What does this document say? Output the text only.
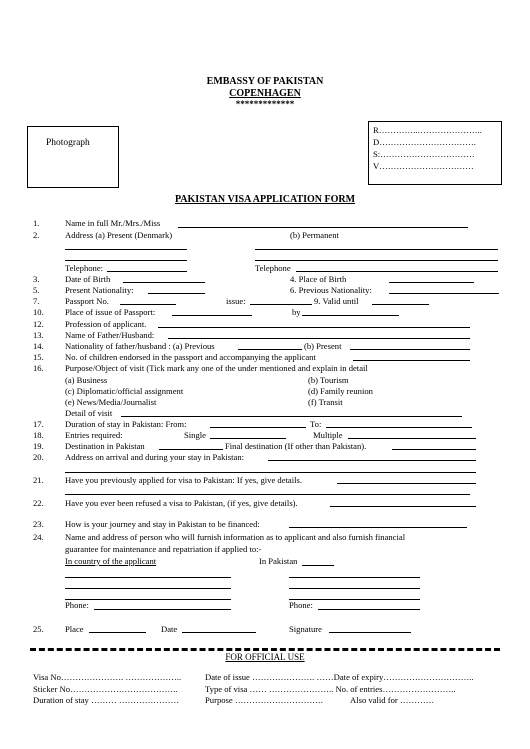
EMBASSY OF PAKISTAN
COPENHAGEN
*************
Photograph
R…………..…………………..
D…………………………….
S:……………………………
V……………………………
PAKISTAN VISA APPLICATION FORM
1.	Name in full Mr./Mrs./Miss
2.	Address (a) Present (Denmark)	(b) Permanent
Telephone:	Telephone
3.	Date of Birth	4. Place of Birth
5.	Present Nationality:	6. Previous Nationality:
7.	Passport No.	issue:	9. Valid until
10. Place of issue of Passport:	by
12. Profession of applicant.
13. Name of Father/Husband:
14. Nationality of father/husband : (a) Previous	(b) Present
15. No. of children endorsed in the passport and accompanying the applicant
16. Purpose/Object of visit (Tick mark any one of the under mentioned and explain in detail
(a) Business	(b) Tourism
(c) Diplomatic/official assignment	(d) Family reunion
(e) News/Media/Journalist	(f) Transit
Detail of visit
17. Duration of stay in Pakistan: From:	To:
18. Entries required:	Single	Multiple
19. Destination in Pakistan	Final destination (If other than Pakistan).
20. Address on arrival and during your stay in Pakistan:
21. Have you previously applied for visa to Pakistan: If yes, give details.
22. Have you ever been refused a visa to Pakistan, (if yes, give details).
23. How is your journey and stay in Pakistan to be financed:
24. Name and address of person who will furnish information as to applicant and also furnish financial
guarantee for maintenance and repatriation if applied to:-
In country of the applicant	In Pakistan
Phone:	Phone:
25. Place	Date	Signature
FOR OFFICIAL USE
Visa No…………………. ………………..	Date of issue …………………. ……Date of expiry…………………………..
Sticker No………………………………..	Type of visa …… ………………….. No. of entries……………………..
Duration of stay ……… …………………	Purpose ………………………….	Also valid for …………
